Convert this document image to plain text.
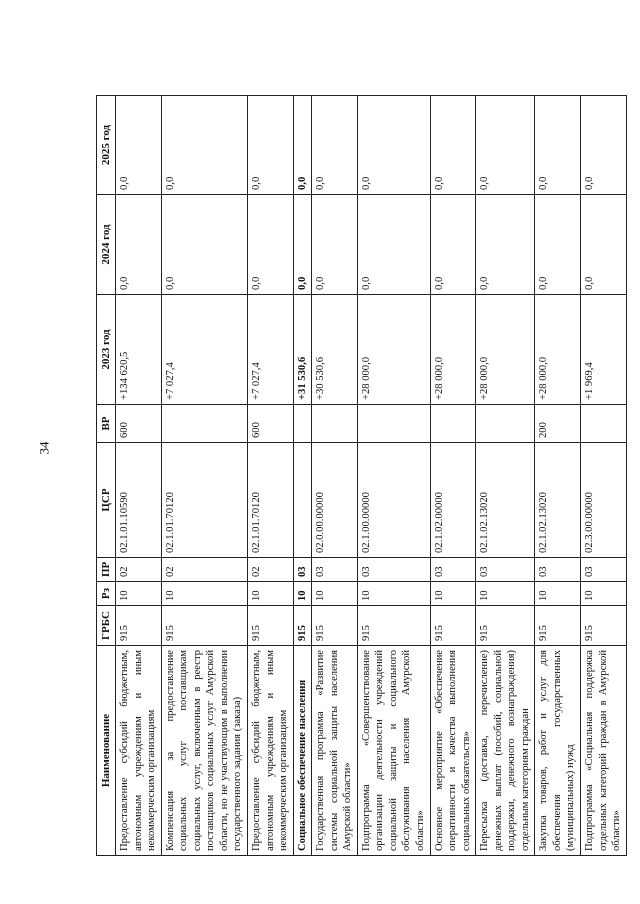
34
Наименование	ГРБС	Рз	ПР	ЦСР	ВР	2023 год	2024 год	2025 год
Предоставление субсидий бюджетным, автономным учреждениям и иным некоммерческим организациям	915	10	02	02.1.01.10590	600	+134 620,5	0,0	0,0
Компенсация за предоставление социальных услуг поставщикам социальных услуг, включенным в реестр поставщиков социальных услуг Амурской области, но не участвующим в выполнении государственного задания (заказа)	915	10	02	02.1.01.70120		+7 027,4	0,0	0,0
Предоставление субсидий бюджетным, автономным учреждениям и иным некоммерческим организациям	915	10	02	02.1.01.70120	600	+7 027,4	0,0	0,0
Социальное обеспечение населения	915	10	03			+31 530,6	0,0	0,0
Государственная программа «Развитие системы социальной защиты населения Амурской области»	915	10	03	02.0.00.00000		+30 530,6	0,0	0,0
Подпрограмма «Совершенствование организации деятельности учреждений социальной защиты и социального обслуживания населения Амурской области»	915	10	03	02.1.00.00000		+28 000,0	0,0	0,0
Основное мероприятие «Обеспечение оперативности и качества выполнения социальных обязательств»	915	10	03	02.1.02.00000		+28 000,0	0,0	0,0
Пересылка (доставка, перечисление) денежных выплат (пособий, социальной поддержки, денежного вознаграждения) отдельным категориям граждан	915	10	03	02.1.02.13020		+28 000,0	0,0	0,0
Закупка товаров, работ и услуг для обеспечения государственных (муниципальных) нужд	915	10	03	02.1.02.13020	200	+28 000,0	0,0	0,0
Подпрограмма «Социальная поддержка отдельных категорий граждан в Амурской области»	915	10	03	02.3.00.00000		+1 969,4	0,0	0,0
